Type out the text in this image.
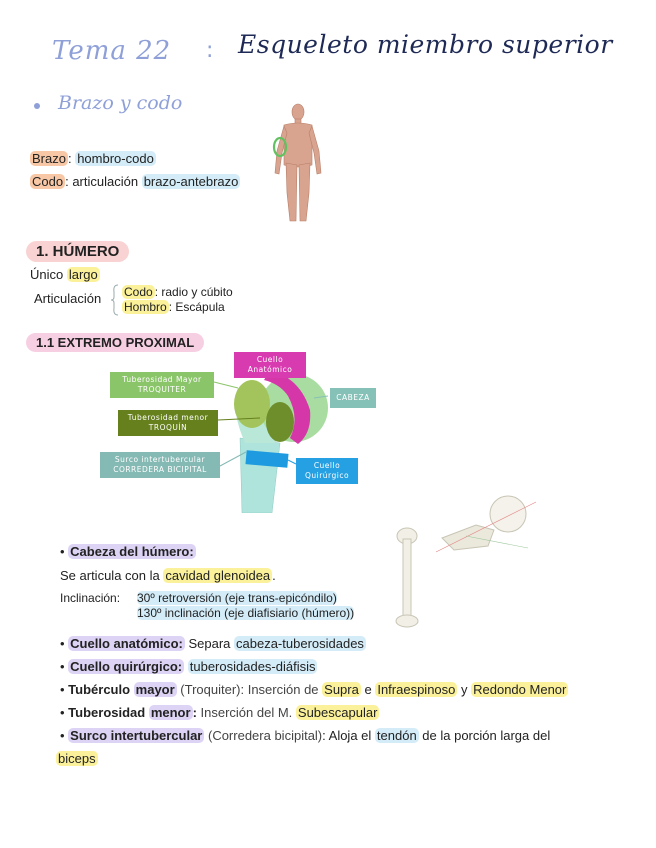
Tema 22 : Esqueleto miembro superior
Brazo y codo
Brazo : hombro-codo
Codo : articulación brazo-antebrazo
1. HÚMERO
Único largo
Articulación Codo : radio y cúbito
Hombro : Escápula
1.1 EXTREMO PROXIMAL
Cuello Anatómico
Tuberosidad Mayor
TROQUITER
CABEZA
Tuberosidad menor
TROQUÍN
Surco intertubercular
CORREDERA BICIPITAL	Cuello Quirúrgico
• Cabeza del húmero:
Se articula con la cavidad glenoidea .
Inclinación: 30º retroversión (eje trans-epicóndilo)
130º inclinación (eje diafisiario (húmero))
• Cuello anatómico: Separa cabeza-tuberosidades
• Cuello quirúrgico: tuberosidades-diáfisis
• Tubérculo mayor (Troquiter): Inserción de Supra e Infraespinoso y Redondo Menor
• Tuberosidad menor : Inserción del M. Subescapular
• Surco intertubercular (Corredera bicipital): Aloja el tendón de la porción larga del
biceps
